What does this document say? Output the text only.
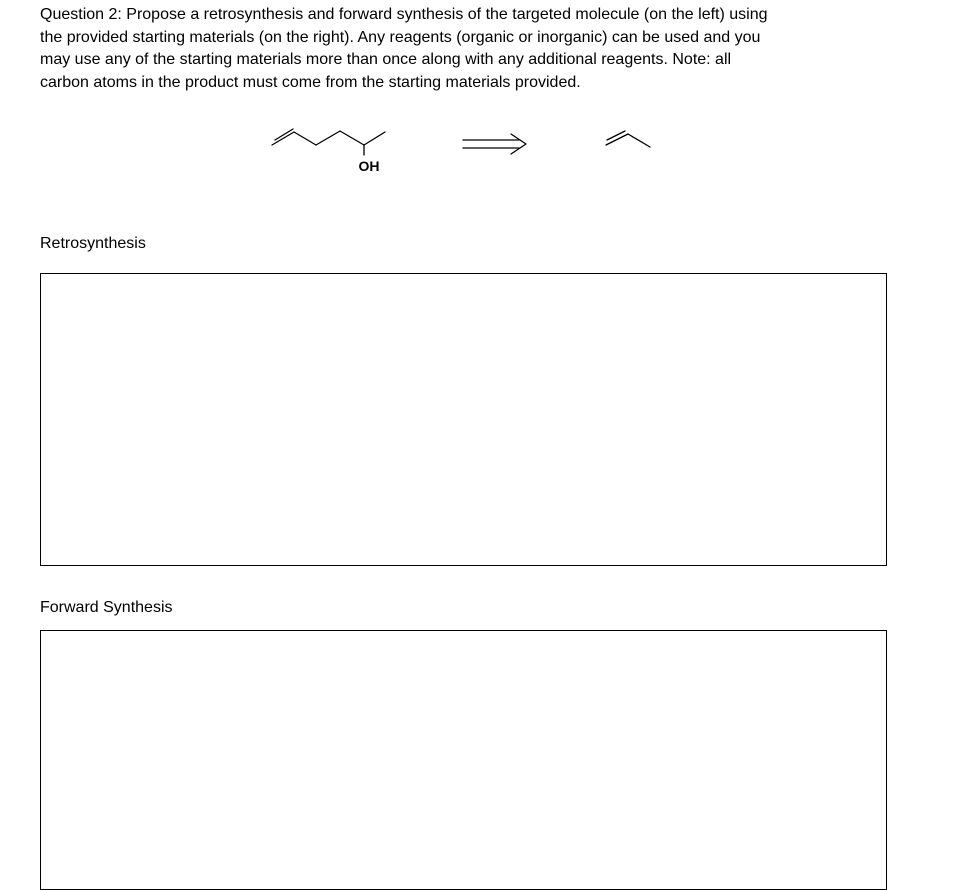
Question 2: Propose a retrosynthesis and forward synthesis of the targeted molecule (on the left) using
the provided starting materials (on the right). Any reagents (organic or inorganic) can be used and you
may use any of the starting materials more than once along with any additional reagents. Note: all
carbon atoms in the product must come from the starting materials provided.
OH
Retrosynthesis
Forward Synthesis
